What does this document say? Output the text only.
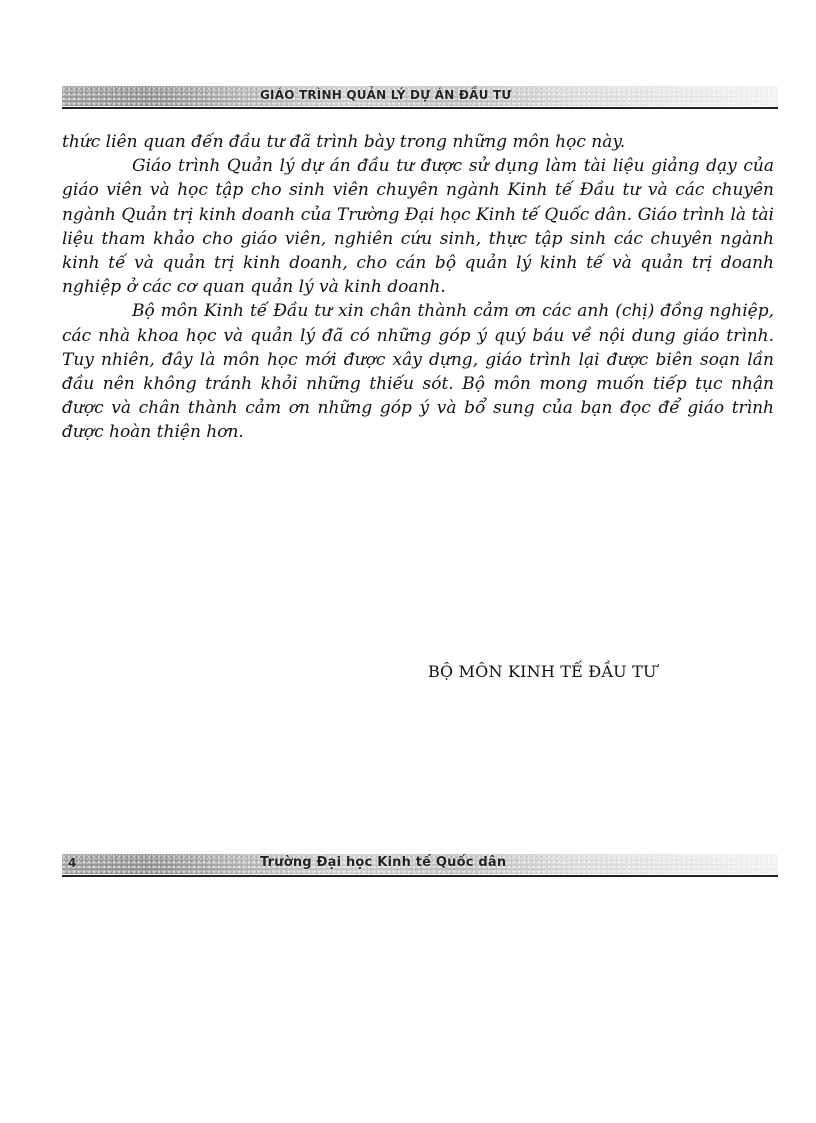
GIÁO TRÌNH QUẢN LÝ DỰ ÁN ĐẦU TƯ

thức liên quan đến đầu tư đã trình bày trong những môn học này.

Giáo trình Quản lý dự án đầu tư được sử dụng làm tài liệu giảng dạy của giáo viên và học tập cho sinh viên chuyên ngành Kinh tế Đầu tư và các chuyên ngành Quản trị kinh doanh của Trường Đại học Kinh tế Quốc dân. Giáo trình là tài liệu tham khảo cho giáo viên, nghiên cứu sinh, thực tập sinh các chuyên ngành kinh tế và quản trị kinh doanh, cho cán bộ quản lý kinh tế và quản trị doanh nghiệp ở các cơ quan quản lý và kinh doanh.

Bộ môn Kinh tế Đầu tư xin chân thành cảm ơn các anh (chị) đồng nghiệp, các nhà khoa học và quản lý đã có những góp ý quý báu về nội dung giáo trình. Tuy nhiên, đây là môn học mới được xây dựng, giáo trình lại được biên soạn lần đầu nên không tránh khỏi những thiếu sót. Bộ môn mong muốn tiếp tục nhận được và chân thành cảm ơn những góp ý và bổ sung của bạn đọc để giáo trình được hoàn thiện hơn.

BỘ MÔN KINH TẾ ĐẦU TƯ
4	Trường Đại học Kinh tế Quốc dân
